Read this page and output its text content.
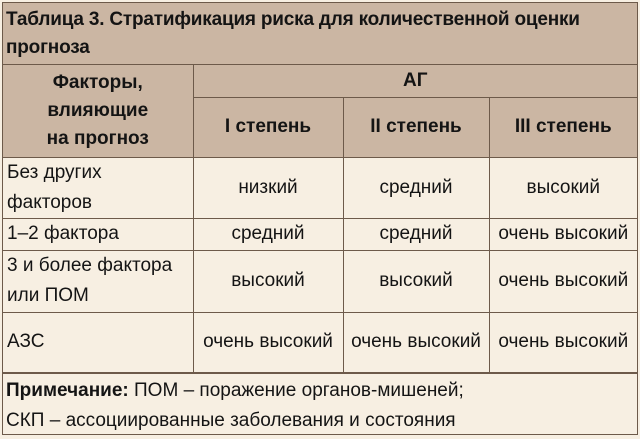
Таблица 3. Стратификация риска для количественной оценки
прогноза
Факторы,
влияющие
на прогноз	АГ		
	I степень	II степень	III степень

Без других
факторов	низкий	средний	высокий

1–2 фактора	средний	средний	очень высокий

3 и более фактора
или ПОМ	высокий	высокий	очень высокий

АЗС	очень высокий	очень высокий	очень высокий
Примечание: ПОМ – поражение органов-мишеней;
СКП – ассоциированные заболевания и состояния
